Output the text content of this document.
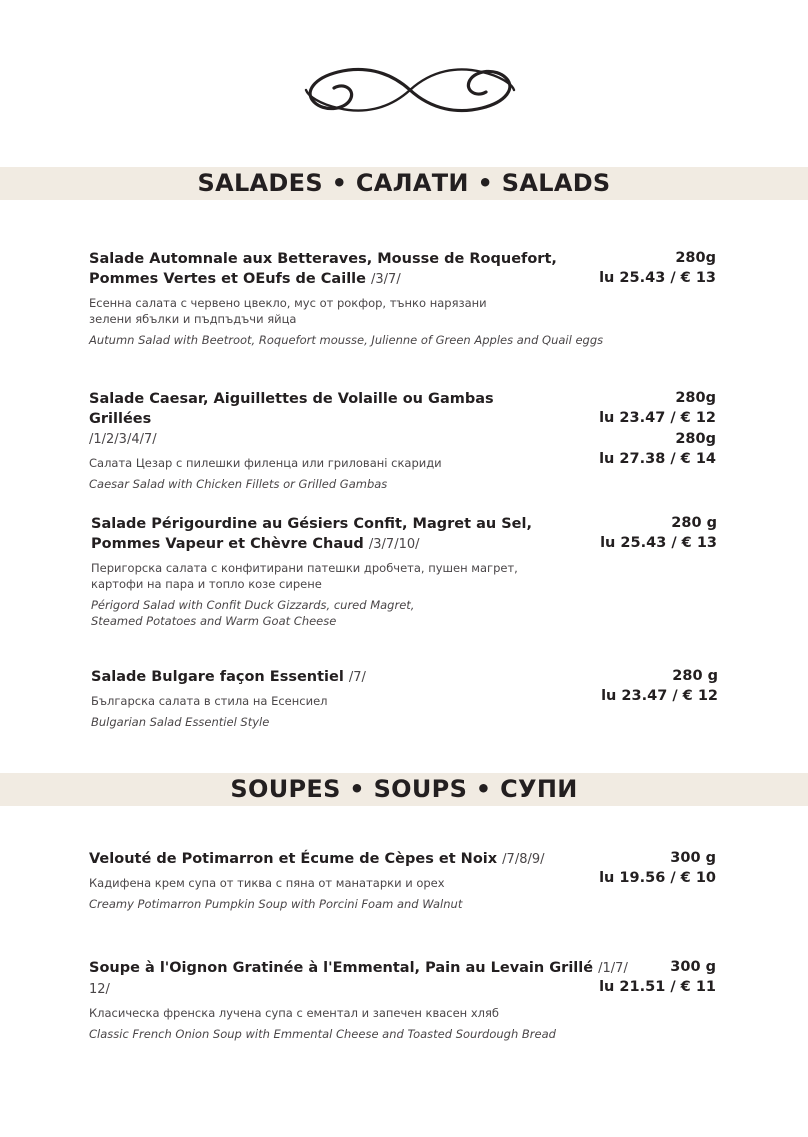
SALADES • САЛАТИ • SALADS
Salade Automnale aux Betteraves, Mousse de Roquefort,
Pommes Vertes et OEufs de Caille /3/7/
Есенна салата с червено цвекло, мус от рокфор, тънко нарязани
зелени ябълки и пъдпъдъчи яйца
Autumn Salad with Beetroot, Roquefort mousse, Julienne of Green Apples and Quail eggs
280g
lu 25.43 / € 13
Salade Caesar, Aiguillettes de Volaille ou Gambas Grillées
/1/2/3/4/7/
Салата Цезар с пилешки филенца или грилованi скариди
Caesar Salad with Chicken Fillets or Grilled Gambas
280g
lu 23.47 / € 12
280g
lu 27.38 / € 14
Salade Périgourdine au Gésiers Confit, Magret au Sel,
Pommes Vapeur et Chèvre Chaud /3/7/10/
Перигорска салата с конфитирани патешки дробчета, пушен магрет,
картофи на пара и топло козе сирене
Périgord Salad with Confit Duck Gizzards, cured Magret,
Steamed Potatoes and Warm Goat Cheese
280 g
lu 25.43 / € 13
Salade Bulgare façon Essentiel /7/
Българска салата в стила на Есенсиел
Bulgarian Salad Essentiel Style
280 g
lu 23.47 / € 12
SOUPES • SOUPS • СУПИ
Velouté de Potimarron et Écume de Cèpes et Noix /7/8/9/
Кадифена крем супа от тиква с пяна от манатарки и орех
Creamy Potimarron Pumpkin Soup with Porcini Foam and Walnut
300 g
lu 19.56 / € 10
Soupe à l'Oignon Gratinée à l'Emmental, Pain au Levain Grillé /1/7/ 12/
Класическа френска лучена супа с ементал и запечен квасен хляб
Classic French Onion Soup with Emmental Cheese and Toasted Sourdough Bread
300 g
lu 21.51 / € 11
